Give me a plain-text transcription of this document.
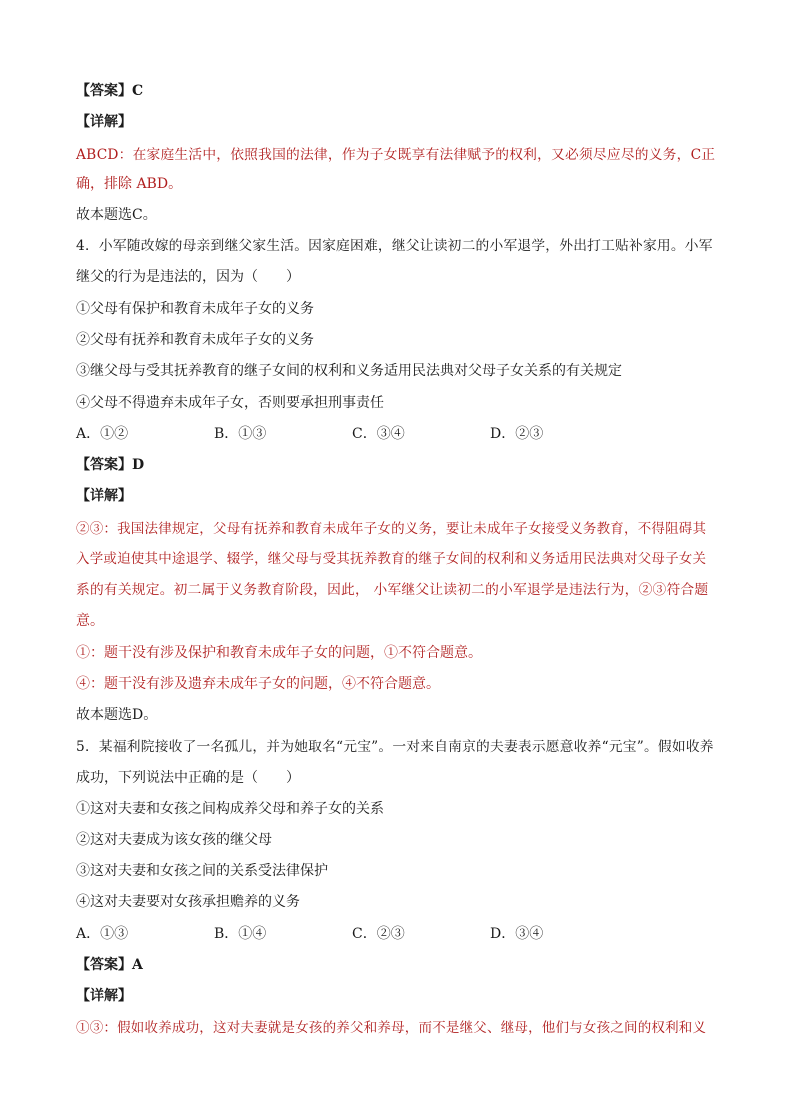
【答案】C
【详解】
ABCD：在家庭生活中，依照我国的法律，作为子女既享有法律赋予的权利，又必须尽应尽的义务，C正
确，排除 ABD。
故本题选C。
4．小军随改嫁的母亲到继父家生活。因家庭困难，继父让读初二的小军退学，外出打工贴补家用。小军
继父的行为是违法的，因为（　　）
①父母有保护和教育未成年子女的义务
②父母有抚养和教育未成年子女的义务
③继父母与受其抚养教育的继子女间的权利和义务适用民法典对父母子女关系的有关规定
④父母不得遗弃未成年子女，否则要承担刑事责任
A．①②	B．①③	C．③④	D．②③
【答案】D
【详解】
②③：我国法律规定，父母有抚养和教育未成年子女的义务，要让未成年子女接受义务教育，不得阻碍其
入学或迫使其中途退学、辍学，继父母与受其抚养教育的继子女间的权利和义务适用民法典对父母子女关
系的有关规定。初二属于义务教育阶段，因此， 小军继父让读初二的小军退学是违法行为，②③符合题
意。
①：题干没有涉及保护和教育未成年子女的问题，①不符合题意。
④：题干没有涉及遗弃未成年子女的问题，④不符合题意。
故本题选D。
5．某福利院接收了一名孤儿，并为她取名“元宝”。一对来自南京的夫妻表示愿意收养“元宝”。假如收养
成功，下列说法中正确的是（　　）
①这对夫妻和女孩之间构成养父母和养子女的关系
②这对夫妻成为该女孩的继父母
③这对夫妻和女孩之间的关系受法律保护
④这对夫妻要对女孩承担赡养的义务
A．①③	B．①④	C．②③	D．③④
【答案】A
【详解】
①③：假如收养成功，这对夫妻就是女孩的养父和养母，而不是继父、继母，他们与女孩之间的权利和义
